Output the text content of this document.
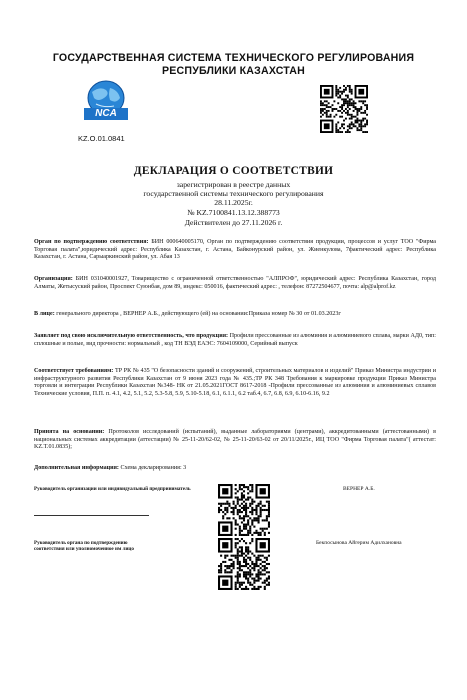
ГОСУДАРСТВЕННАЯ СИСТЕМА ТЕХНИЧЕСКОГО РЕГУЛИРОВАНИЯ
РЕСПУБЛИКИ КАЗАХСТАН
NCA
KZ.O.01.0841
ДЕКЛАРАЦИЯ О СООТВЕТСТВИИ
зарегистрирован в реестре данных
государственной системы технического регулирования
28.11.2025г.
№ KZ.7100841.13.12.388773
Действителен до 27.11.2026 г.
Орган по подтверждению соответствия: БИН 000640005170, Орган по подтверждению соответствия продукции, процессов и услуг ТОО "Фирма Торговая палата",юридический адрес: Республика Казахстан, г. Астана, Байконурский район, ул. Жиенкулова, 7фактический адрес: Республика Казахстан, г. Астана, Сарыаркинский район, ул. Абая 13
Организация: БИН 031040001927, Товарищество с ограниченной ответственностью "АЛПРОФ", юридический адрес: Республика Казахстан, город Алматы, Жетысуский район, Проспект Суюнбая, дом 89, индекс: 050016, фактический адрес: , телефон: 87272504677, почта: alp@alprof.kz
В лице: генерального директора , ВЕРНЕР А.Б., действующего (ей) на основании:Приказа номер № 30 от 01.03.2023г
Заявляет под свою исключительную ответственность, что продукция: Профили прессованные из алюминия и алюминиевого сплава, марки АД0, тип: сплошные и полые, вид прочности: нормальный , код ТН ВЭД ЕАЭС: 7604109000, Серийный выпуск
Соответствует требованиям: ТР РК № 435 "О безопасности зданий и сооружений, строительных материалов и изделий" Приказ Министра индустрии и инфраструктурного развития Республики Казахстан от 9 июня 2023 года № 435.;ТР РК 348 Требования к маркировке продукции Приказ Министра торговли и интеграции Республики Казахстан №348- НК от 21.05.2021ГОСТ 8617-2018 -Профили прессованные из алюминия и алюминиевых сплавов Технические условия, П.П. п. 4.1, 4.2, 5.1, 5.2, 5.3-5.8, 5.9, 5.10-5.18, 6.1, 6.1.1, 6.2 таб.4, 6.7, 6.8, 6.9, 6.10-6.16, 9.2
Принята на основании: Протоколов исследований (испытаний), выданные лабораториями (центрами), аккредитованными (аттестованными) в национальных системах аккредитации (аттестации) № 25-11-20/62-02, № 25-11-20/63-02 от 20/11/2025г., ИЦ ТОО "Фирма Торговая палата"( аттестат: KZ.T.01.0835);
Дополнительная информация: Схема декларирования: 3
Руководитель организации или индивидуальный предприниматель	ВЕРНЕР А.Б.
Руководитель органа по подтверждению соответствия или уполномоченное им лицо
Бекпосынова Айгерим Адилхановна
